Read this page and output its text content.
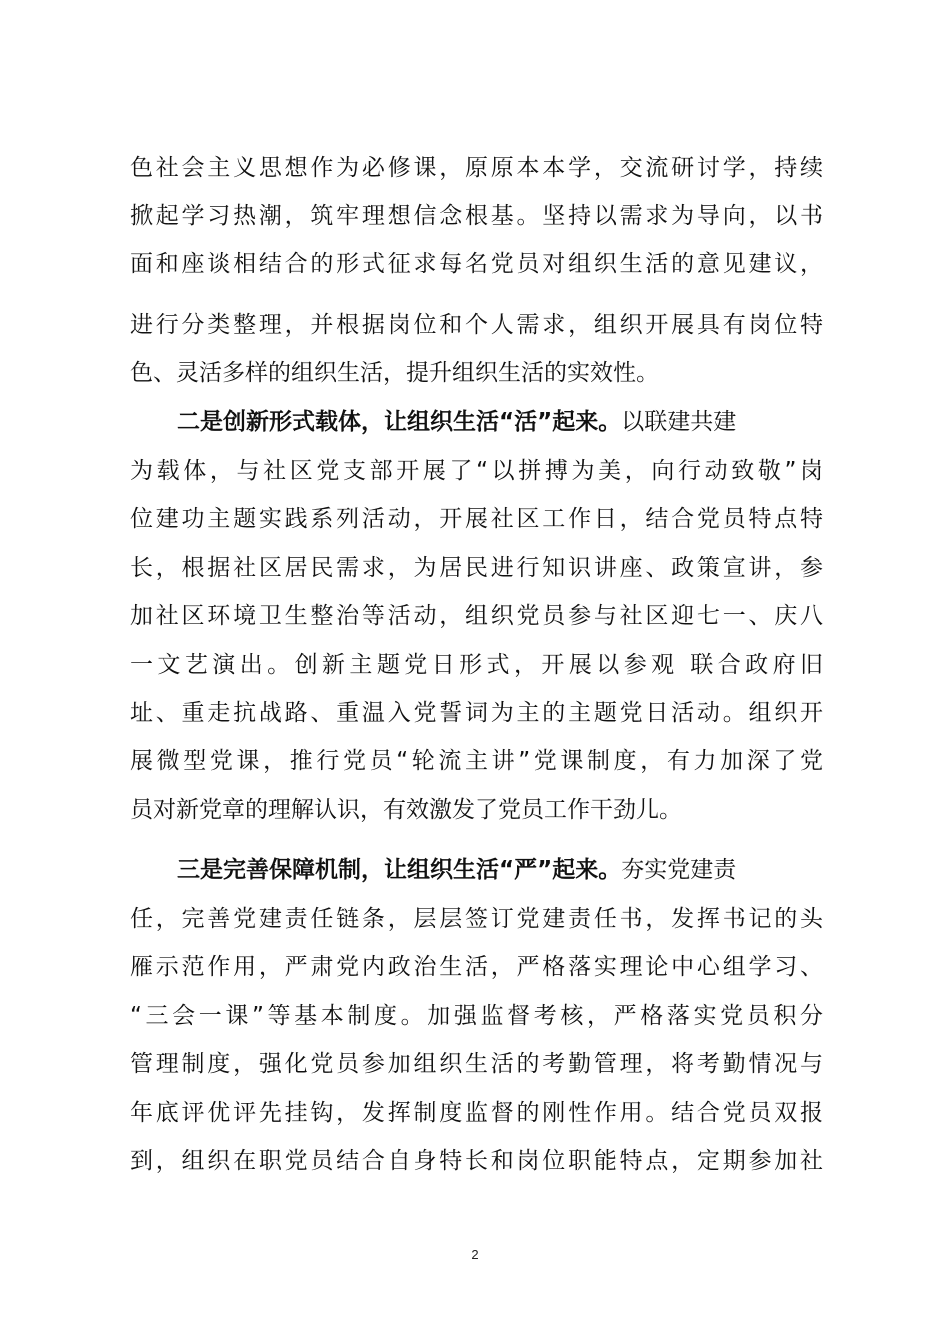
色社会主义思想作为必修课，原原本本学，交流研讨学，持续
掀起学习热潮，筑牢理想信念根基。坚持以需求为导向，以书
面和座谈相结合的形式征求每名党员对组织生活的意见建议，
进行分类整理，并根据岗位和个人需求，组织开展具有岗位特
色、灵活多样的组织生活，提升组织生活的实效性。
二是创新形式载体，让组织生活“活”起来。以联建共建
为载体，与社区党支部开展了“以拼搏为美，向行动致敬”岗
位建功主题实践系列活动，开展社区工作日，结合党员特点特
长，根据社区居民需求，为居民进行知识讲座、政策宣讲，参
加社区环境卫生整治等活动，组织党员参与社区迎七一、庆八
一文艺演出。创新主题党日形式，开展以参观 联合政府旧
址、重走抗战路、重温入党誓词为主的主题党日活动。组织开
展微型党课，推行党员“轮流主讲”党课制度，有力加深了党
员对新党章的理解认识，有效激发了党员工作干劲儿。
三是完善保障机制，让组织生活“严”起来。夯实党建责
任，完善党建责任链条，层层签订党建责任书，发挥书记的头
雁示范作用，严肃党内政治生活，严格落实理论中心组学习、
“三会一课”等基本制度。加强监督考核，严格落实党员积分
管理制度，强化党员参加组织生活的考勤管理，将考勤情况与
年底评优评先挂钩，发挥制度监督的刚性作用。结合党员双报
到，组织在职党员结合自身特长和岗位职能特点，定期参加社
2
